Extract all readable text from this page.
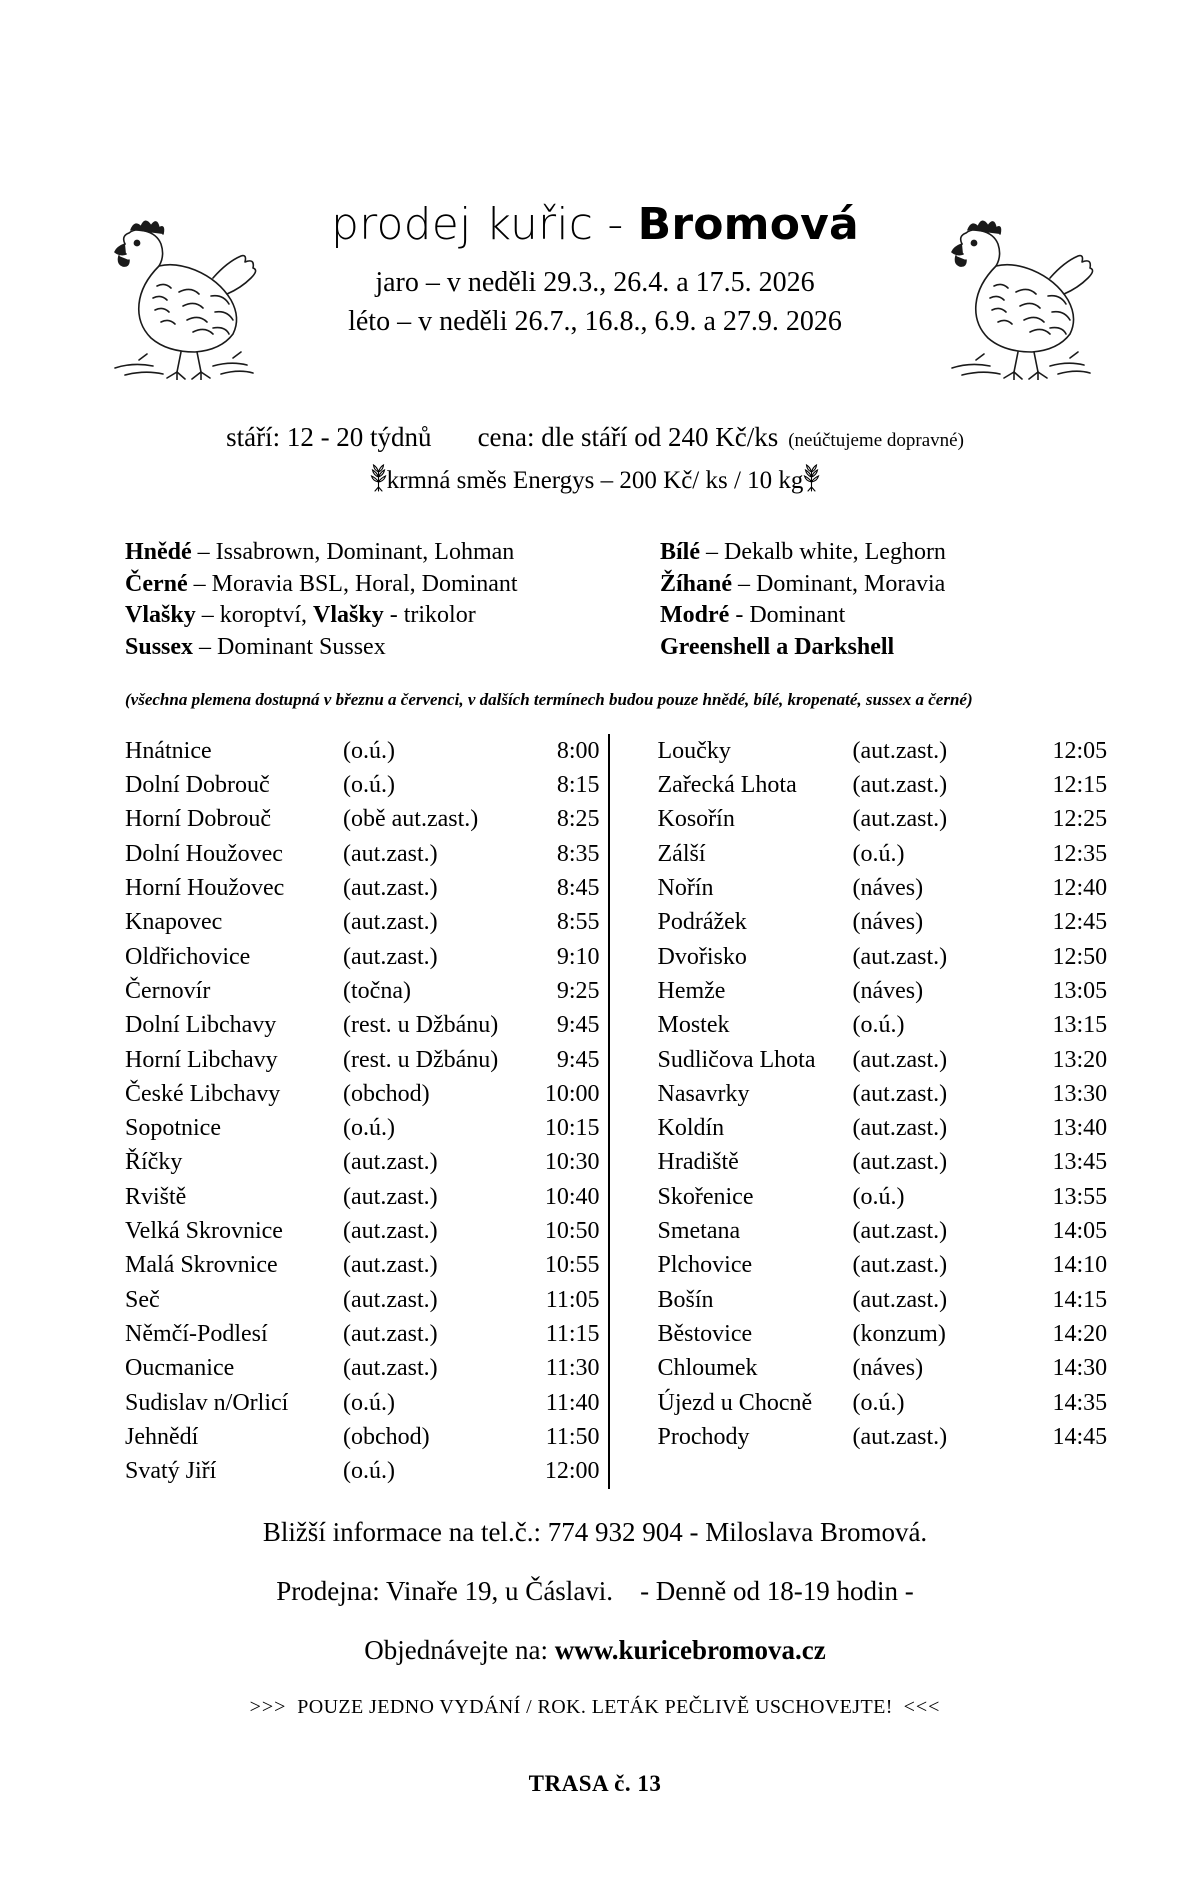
prodej kuřic - Bromová
jaro – v neděli 29.3., 26.4. a 17.5. 2026
léto – v neděli 26.7., 16.8., 6.9. a 27.9. 2026
stáří: 12 - 20 týdnů cena: dle stáří od 240 Kč/ks (neúčtujeme dopravné)
krmná směs Energys – 200 Kč/ ks / 10 kg
Hnědé – Issabrown, Dominant, Lohman
Černé – Moravia BSL, Horal, Dominant
Vlašky – koroptví, Vlašky - trikolor
Sussex – Dominant Sussex
Bílé – Dekalb white, Leghorn
Žíhané – Dominant, Moravia
Modré - Dominant
Greenshell a Darkshell
(všechna plemena dostupná v březnu a červenci, v dalších termínech budou pouze hnědé, bílé, kropenaté, sussex a černé)
Hnátnice	(o.ú.)	8:00
Dolní Dobrouč	(o.ú.)	8:15
Horní Dobrouč	(obě aut.zast.)	8:25
Dolní Houžovec	(aut.zast.)	8:35
Horní Houžovec	(aut.zast.)	8:45
Knapovec	(aut.zast.)	8:55
Oldřichovice	(aut.zast.)	9:10
Černovír	(točna)	9:25
Dolní Libchavy	(rest. u Džbánu)	9:45
Horní Libchavy	(rest. u Džbánu)	9:45
České Libchavy	(obchod)	10:00
Sopotnice	(o.ú.)	10:15
Říčky	(aut.zast.)	10:30
Rviště	(aut.zast.)	10:40
Velká Skrovnice	(aut.zast.)	10:50
Malá Skrovnice	(aut.zast.)	10:55
Seč	(aut.zast.)	11:05
Němčí-Podlesí	(aut.zast.)	11:15
Oucmanice	(aut.zast.)	11:30
Sudislav n/Orlicí	(o.ú.)	11:40
Jehnědí	(obchod)	11:50
Svatý Jiří	(o.ú.)	12:00
Loučky	(aut.zast.)	12:05
Zařecká Lhota	(aut.zast.)	12:15
Kosořín	(aut.zast.)	12:25
Zálší	(o.ú.)	12:35
Nořín	(náves)	12:40
Podrážek	(náves)	12:45
Dvořisko	(aut.zast.)	12:50
Hemže	(náves)	13:05
Mostek	(o.ú.)	13:15
Sudličova Lhota	(aut.zast.)	13:20
Nasavrky	(aut.zast.)	13:30
Koldín	(aut.zast.)	13:40
Hradiště	(aut.zast.)	13:45
Skořenice	(o.ú.)	13:55
Smetana	(aut.zast.)	14:05
Plchovice	(aut.zast.)	14:10
Bošín	(aut.zast.)	14:15
Běstovice	(konzum)	14:20
Chloumek	(náves)	14:30
Újezd u Chocně	(o.ú.)	14:35
Prochody	(aut.zast.)	14:45
Bližší informace na tel.č.: 774 932 904 - Miloslava Bromová.
Prodejna: Vinaře 19, u Čáslavi. - Denně od 18-19 hodin -
Objednávejte na: www.kuricebromova.cz
>>> POUZE JEDNO VYDÁNÍ / ROK. LETÁK PEČLIVĚ USCHOVEJTE! <<<
TRASA č. 13
